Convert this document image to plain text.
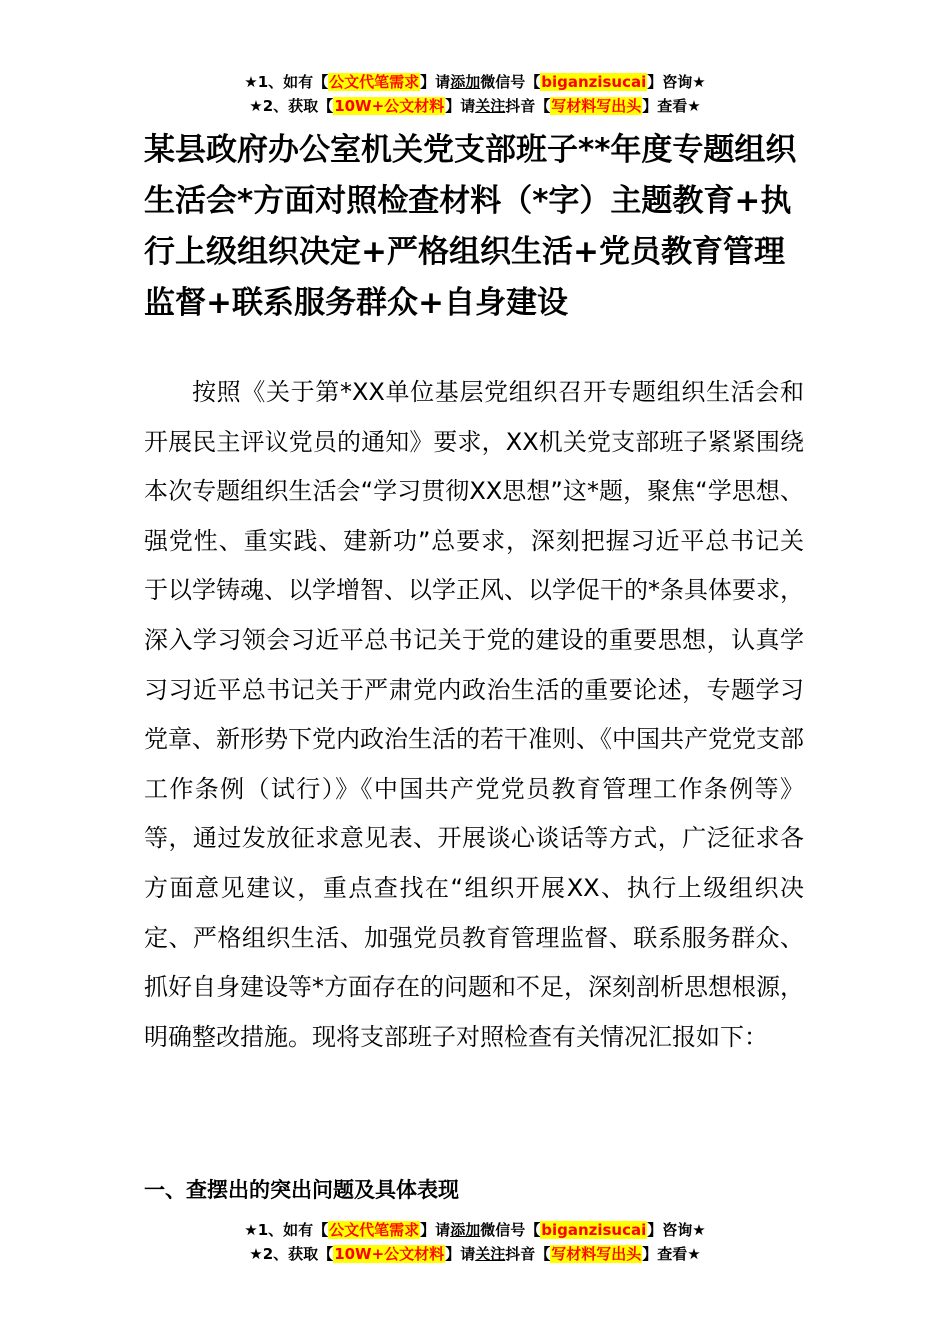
★1、如有【公文代笔需求】请添加微信号【biganzisucai】咨询★
★2、获取【10W+公文材料】请关注抖音【写材料写出头】查看★
某县政府办公室机关党支部班子**年度专题组织生活会*方面对照检查材料（*字）主题教育+执行上级组织决定+严格组织生活+党员教育管理监督+联系服务群众+自身建设

按照《关于第*XX单位基层党组织召开专题组织生活会和开展民主评议党员的通知》要求，XX机关党支部班子紧紧围绕本次专题组织生活会“学习贯彻XX思想”这*题，聚焦“学思想、强党性、重实践、建新功”总要求，深刻把握习近平总书记关于以学铸魂、以学增智、以学正风、以学促干的*条具体要求，深入学习领会习近平总书记关于党的建设的重要思想，认真学习习近平总书记关于严肃党内政治生活的重要论述，专题学习党章、新形势下党内政治生活的若干准则、《中国共产党党支部工作条例（试行）》《中国共产党党员教育管理工作条例等》等，通过发放征求意见表、开展谈心谈话等方式，广泛征求各方面意见建议，重点查找在“组织开展XX、执行上级组织决定、严格组织生活、加强党员教育管理监督、联系服务群众、抓好自身建设等*方面存在的问题和不足，深刻剖析思想根源，明确整改措施。现将支部班子对照检查有关情况汇报如下：

一、查摆出的突出问题及具体表现
★1、如有【公文代笔需求】请添加微信号【biganzisucai】咨询★
★2、获取【10W+公文材料】请关注抖音【写材料写出头】查看★
